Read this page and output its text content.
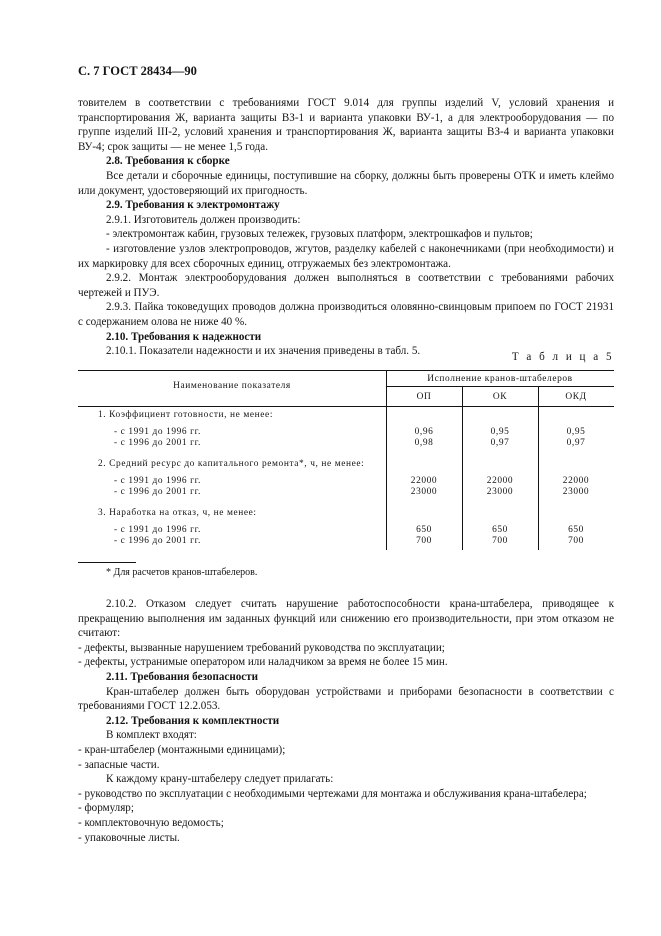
С. 7 ГОСТ 28434—90

товителем в соответствии с требованиями ГОСТ 9.014 для группы изделий V, условий хранения и транспортирования Ж, варианта защиты ВЗ-1 и варианта упаковки ВУ-1, а для электрооборудования — по группе изделий III-2, условий хранения и транспортирования Ж, варианта защиты ВЗ-4 и варианта упаковки ВУ-4; срок защиты — не менее 1,5 года.

2.8. Требования к сборке

Все детали и сборочные единицы, поступившие на сборку, должны быть проверены ОТК и иметь клеймо или документ, удостоверяющий их пригодность.

2.9. Требования к электромонтажу

2.9.1. Изготовитель должен производить:

- электромонтаж кабин, грузовых тележек, грузовых платформ, электрошкафов и пультов;

- изготовление узлов электропроводов, жгутов, разделку кабелей с наконечниками (при необходимости) и их маркировку для всех сборочных единиц, отгружаемых без электромонтажа.

2.9.2. Монтаж электрооборудования должен выполняться в соответствии с требованиями рабочих чертежей и ПУЭ.

2.9.3. Пайка токоведущих проводов должна производиться оловянно-свинцовым припоем по ГОСТ 21931 с содержанием олова не ниже 40 %.

2.10. Требования к надежности

2.10.1. Показатели надежности и их значения приведены в табл. 5.	Т а б л и ц а 5
Наименование показателя
Исполнение кранов-штабелеров
ОП	ОК	ОКД
1. Коэффициент готовности, не менее:
- с 1991 до 1996 гг.	0,96	0,95	0,95
- с 1996 до 2001 гг.	0,98	0,97	0,97
2. Средний ресурс до капитального ремонта*, ч, не менее:
- с 1991 до 1996 гг.	22000	22000	22000
- с 1996 до 2001 гг.	23000	23000	23000
3. Наработка на отказ, ч, не менее:
- с 1991 до 1996 гг.	650	650	650
- с 1996 до 2001 гг.	700	700	700
* Для расчетов кранов-штабелеров.

2.10.2. Отказом следует считать нарушение работоспособности крана-штабелера, приводящее к прекращению выполнения им заданных функций или снижению его производительности, при этом отказом не считают:

- дефекты, вызванные нарушением требований руководства по эксплуатации;

- дефекты, устранимые оператором или наладчиком за время не более 15 мин.

2.11. Требования безопасности

Кран-штабелер должен быть оборудован устройствами и приборами безопасности в соответствии с требованиями ГОСТ 12.2.053.

2.12. Требования к комплектности

В комплект входят:

- кран-штабелер (монтажными единицами);

- запасные части.

К каждому крану-штабелеру следует прилагать:

- руководство по эксплуатации с необходимыми чертежами для монтажа и обслуживания крана-штабелера;

- формуляр;

- комплектовочную ведомость;

- упаковочные листы.
